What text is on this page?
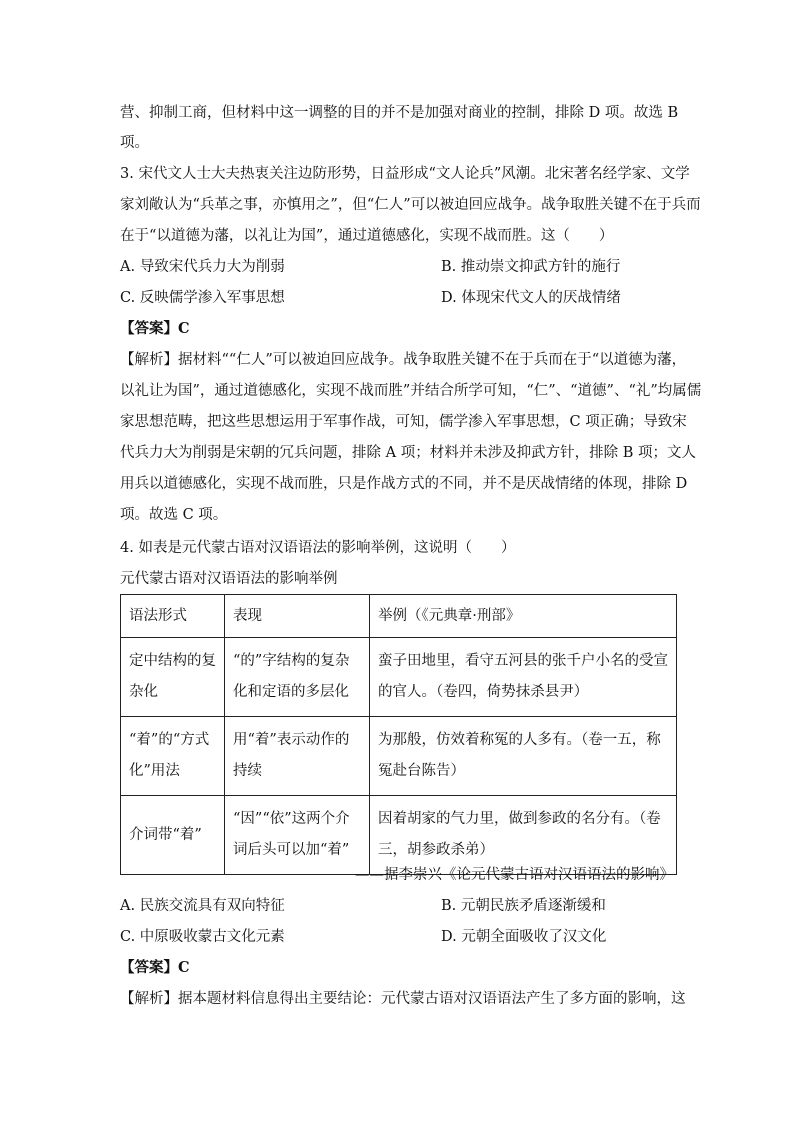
营、抑制工商，但材料中这一调整的目的并不是加强对商业的控制，排除 D 项。故选 B
项。
3. 宋代文人士大夫热衷关注边防形势，日益形成“文人论兵”风潮。北宋著名经学家、文学
家刘敞认为“兵革之事，亦慎用之”，但“仁人”可以被迫回应战争。战争取胜关键不在于兵而
在于“以道德为藩，以礼让为国”，通过道德感化，实现不战而胜。这（　　）
A. 导致宋代兵力大为削弱	B. 推动崇文抑武方针的施行
C. 反映儒学渗入军事思想	D. 体现宋代文人的厌战情绪
【答案】C
【解析】据材料““仁人”可以被迫回应战争。战争取胜关键不在于兵而在于“以道德为藩，
以礼让为国”，通过道德感化，实现不战而胜”并结合所学可知，“仁”、“道德”、“礼”均属儒
家思想范畴，把这些思想运用于军事作战，可知，儒学渗入军事思想，C 项正确；导致宋
代兵力大为削弱是宋朝的冗兵问题，排除 A 项；材料并未涉及抑武方针，排除 B 项；文人
用兵以道德感化，实现不战而胜，只是作战方式的不同，并不是厌战情绪的体现，排除 D
项。故选 C 项。
4. 如表是元代蒙古语对汉语语法的影响举例，这说明（　　）
元代蒙古语对汉语语法的影响举例
语法形式	表现	举例（《元典章·刑部》
定中结构的复杂化	“的”字结构的复杂化和定语的多层化	蛮子田地里，看守五河县的张千户小名的受宣的官人。（卷四，倚势抹杀县尹）
“着”的“方式化”用法	用“着”表示动作的持续	为那般，仿效着称冤的人多有。（卷一五，称冤赴台陈告）
介词带“着”	“因”“依”这两个介词后头可以加“着”	因着胡家的气力里，做到参政的名分有。（卷三，胡参政杀弟）
——据李崇兴《论元代蒙古语对汉语语法的影响》
A. 民族交流具有双向特征	B. 元朝民族矛盾逐渐缓和
C. 中原吸收蒙古文化元素	D. 元朝全面吸收了汉文化
【答案】C
【解析】据本题材料信息得出主要结论：元代蒙古语对汉语语法产生了多方面的影响，这
